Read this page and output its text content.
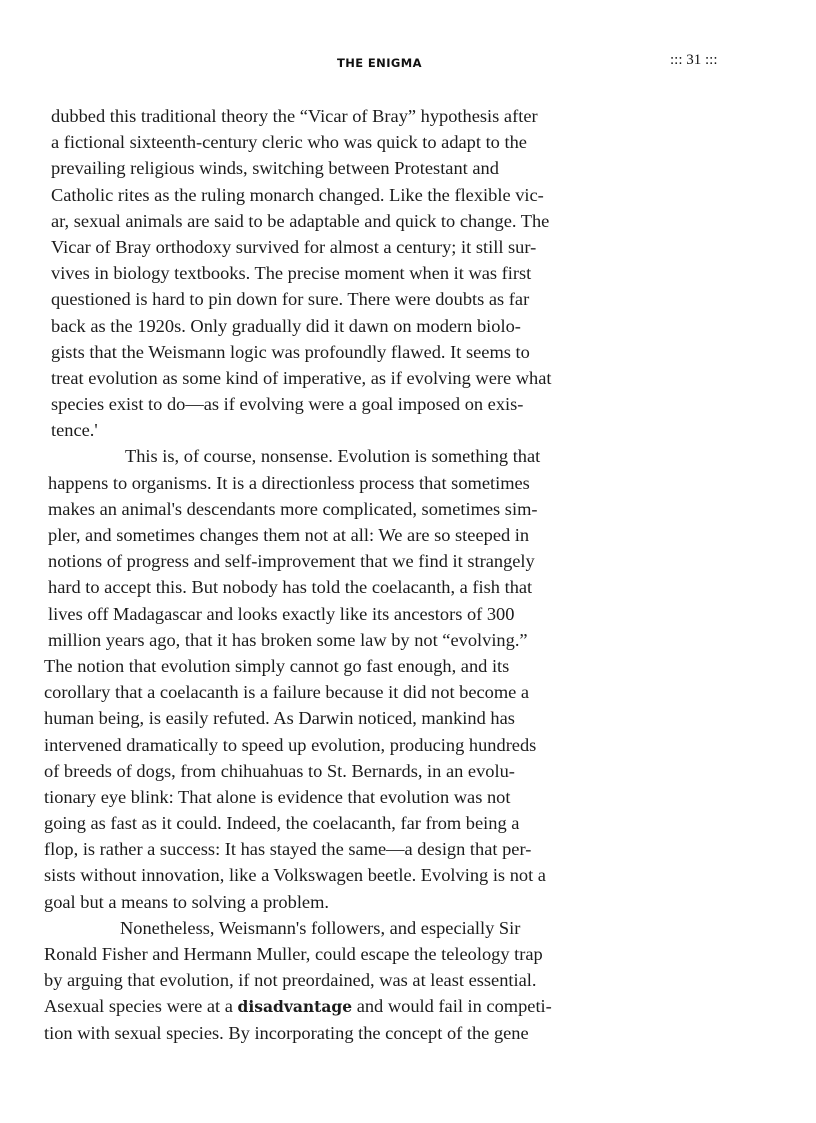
THE ENIGMA	::: 31 :::
dubbed this traditional theory the “Vicar of Bray” hypothesis after
a fictional sixteenth-century cleric who was quick to adapt to the
prevailing religious winds, switching between Protestant and
Catholic rites as the ruling monarch changed. Like the flexible vic-
ar, sexual animals are said to be adaptable and quick to change. The
Vicar of Bray orthodoxy survived for almost a century; it still sur-
vives in biology textbooks. The precise moment when it was first
questioned is hard to pin down for sure. There were doubts as far
back as the 1920s. Only gradually did it dawn on modern biolo-
gists that the Weismann logic was profoundly flawed. It seems to
treat evolution as some kind of imperative, as if evolving were what
species exist to do—as if evolving were a goal imposed on exis-
tence.'
This is, of course, nonsense. Evolution is something that
happens to organisms. It is a directionless process that sometimes
makes an animal's descendants more complicated, sometimes sim-
pler, and sometimes changes them not at all: We are so steeped in
notions of progress and self-improvement that we find it strangely
hard to accept this. But nobody has told the coelacanth, a fish that
lives off Madagascar and looks exactly like its ancestors of 300
million years ago, that it has broken some law by not “evolving.”
The notion that evolution simply cannot go fast enough, and its
corollary that a coelacanth is a failure because it did not become a
human being, is easily refuted. As Darwin noticed, mankind has
intervened dramatically to speed up evolution, producing hundreds
of breeds of dogs, from chihuahuas to St. Bernards, in an evolu-
tionary eye blink: That alone is evidence that evolution was not
going as fast as it could. Indeed, the coelacanth, far from being a
flop, is rather a success: It has stayed the same—a design that per-
sists without innovation, like a Volkswagen beetle. Evolving is not a
goal but a means to solving a problem.
Nonetheless, Weismann's followers, and especially Sir
Ronald Fisher and Hermann Muller, could escape the teleology trap
by arguing that evolution, if not preordained, was at least essential.
Asexual species were at a disadvantage and would fail in competi-
tion with sexual species. By incorporating the concept of the gene
